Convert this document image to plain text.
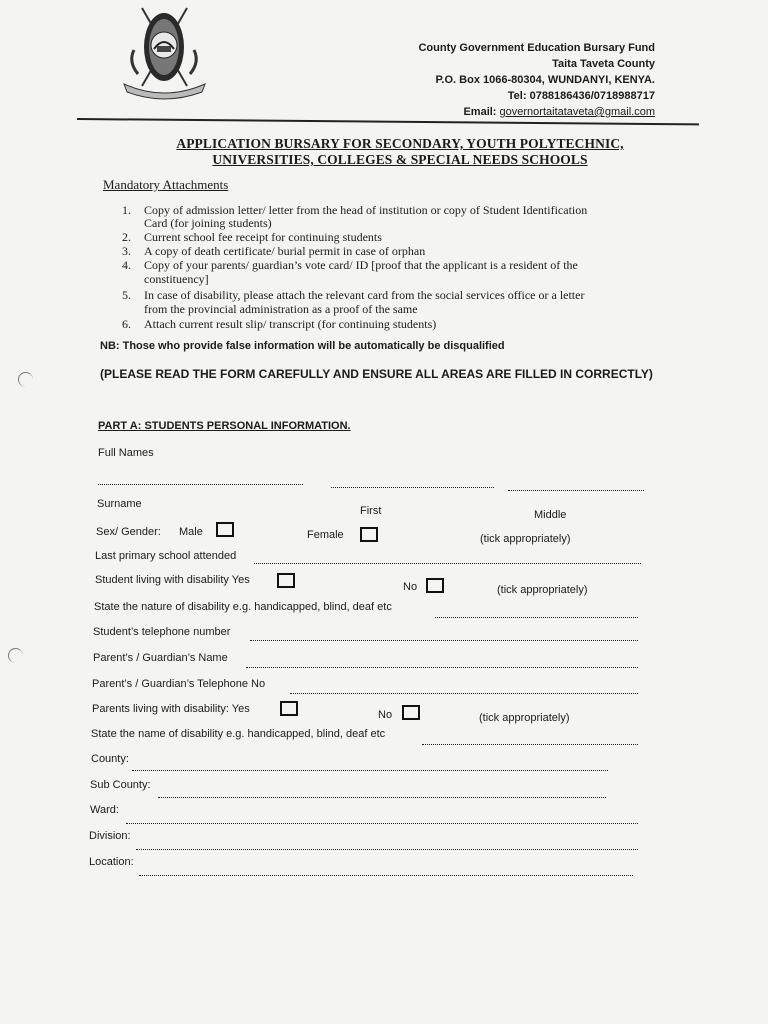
County Government Education Bursary Fund
Taita Taveta County
P.O. Box 1066-80304, WUNDANYI, KENYA.
Tel: 0788186436/0718988717
Email: governortaitataveta@gmail.com
APPLICATION BURSARY FOR SECONDARY, YOUTH POLYTECHNIC,
UNIVERSITIES, COLLEGES & SPECIAL NEEDS SCHOOLS
Mandatory Attachments
1. Copy of admission letter/ letter from the head of institution or copy of Student Identification
Card (for joining students)
2. Current school fee receipt for continuing students
3. A copy of death certificate/ burial permit in case of orphan
4. Copy of your parents/ guardian’s vote card/ ID [proof that the applicant is a resident of the
constituency]
5. In case of disability, please attach the relevant card from the social services office or a letter
from the provincial administration as a proof of the same
6. Attach current result slip/ transcript (for continuing students)
NB: Those who provide false information will be automatically be disqualified
(PLEASE READ THE FORM CAREFULLY AND ENSURE ALL AREAS ARE FILLED IN CORRECTLY)
PART A: STUDENTS PERSONAL INFORMATION.
Full Names
Surname
First	Middle
Sex/ Gender: Male	Female	(tick appropriately)
Last primary school attended
Student living with disability Yes
No	(tick appropriately)
State the nature of disability e.g. handicapped, blind, deaf etc
Student’s telephone number
Parent’s / Guardian’s Name
Parent’s / Guardian’s Telephone No
Parents living with disability: Yes	No	(tick appropriately)
State the name of disability e.g. handicapped, blind, deaf etc
County:
Sub County:
Ward:
Division:
Location:
